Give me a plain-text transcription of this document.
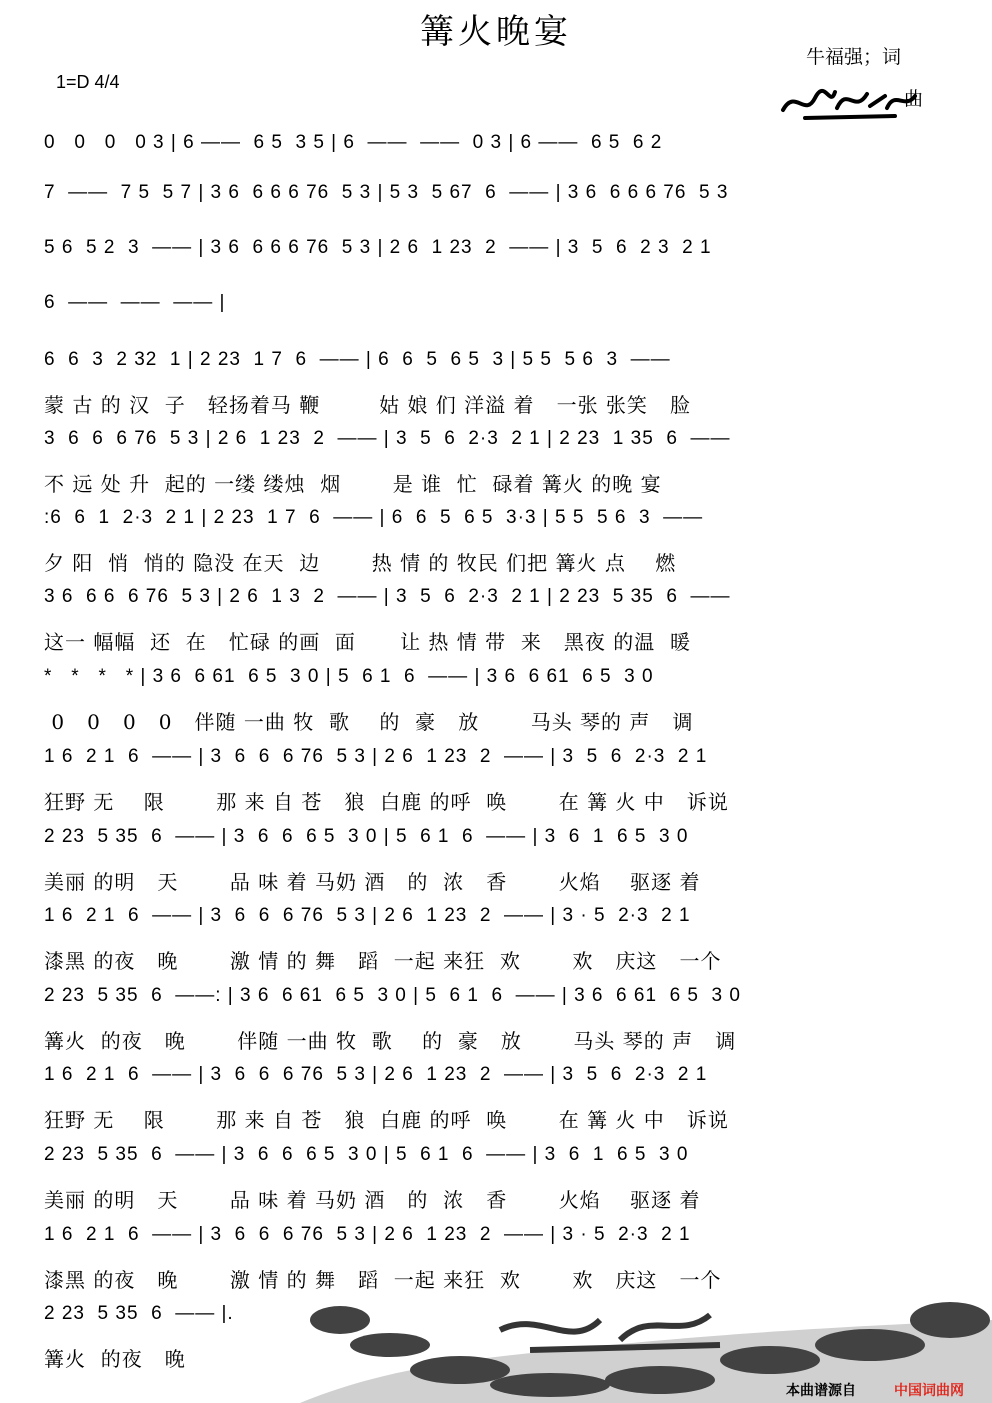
篝火晚宴
牛福强；词
1=D 4/4
曲
0   0   0   0 3 | 6 ——  6 5  3 5 | 6  ——  ——  0 3 | 6 ——  6 5  6 2
7  ——  7 5  5 7 | 3 6  6 6 6 76  5 3 | 5 3  5 67  6  —— | 3 6  6 6 6 76  5 3
5 6  5 2  3  —— | 3 6  6 6 6 76  5 3 | 2 6  1 23  2  —— | 3  5  6  2 3  2 1
6  ——  ——  —— |
6  6  3  2 32  1 | 2 23  1 7  6  —— | 6  6  5  6 5  3 | 5 5  5 6  3  ——
蒙 古 的 汉  子   轻扬着马 鞭        姑 娘 们 洋溢 着   一张 张笑   脸
3  6  6  6 76  5 3 | 2 6  1 23  2  —— | 3  5  6  2·3  2 1 | 2 23  1 35  6  ——
不 远 处 升  起的 一缕 缕烛  烟       是 谁  忙  碌着 篝火 的晚 宴
:6  6  1  2·3  2 1 | 2 23  1 7  6  —— | 6  6  5  6 5  3·3 | 5 5  5 6  3  ——
夕 阳  悄  悄的 隐没 在天  边       热 情 的 牧民 们把 篝火 点    燃
3 6  6 6  6 76  5 3 | 2 6  1 3  2  —— | 3  5  6  2·3  2 1 | 2 23  5 35  6  ——
这一 幅幅  还  在   忙碌 的画  面      让 热 情 带  来   黑夜 的温  暖
*   *   *   * | 3 6  6 61  6 5  3 0 | 5  6 1  6  —— | 3 6  6 61  6 5  3 0
0   0   0   0   伴随 一曲 牧  歌    的  豪   放       马头 琴的 声   调
1 6  2 1  6  —— | 3  6  6  6 76  5 3 | 2 6  1 23  2  —— | 3  5  6  2·3  2 1
狂野 无    限       那 来 自 苍   狼  白鹿 的呼  唤       在 篝 火 中   诉说
2 23  5 35  6  —— | 3  6  6  6 5  3 0 | 5  6 1  6  —— | 3  6  1  6 5  3 0
美丽 的明   天       品 味 着 马奶 酒   的  浓   香       火焰    驱逐 着
1 6  2 1  6  —— | 3  6  6  6 76  5 3 | 2 6  1 23  2  —— | 3 · 5  2·3  2 1
漆黑 的夜   晚       激 情 的 舞   蹈  一起 来狂  欢       欢   庆这   一个
2 23  5 35  6  ——: | 3 6  6 61  6 5  3 0 | 5  6 1  6  —— | 3 6  6 61  6 5  3 0
篝火  的夜   晚       伴随 一曲 牧  歌    的  豪   放       马头 琴的 声   调
1 6  2 1  6  —— | 3  6  6  6 76  5 3 | 2 6  1 23  2  —— | 3  5  6  2·3  2 1
狂野 无    限       那 来 自 苍   狼  白鹿 的呼  唤       在 篝 火 中   诉说
2 23  5 35  6  —— | 3  6  6  6 5  3 0 | 5  6 1  6  —— | 3  6  1  6 5  3 0
美丽 的明   天       品 味 着 马奶 酒   的  浓   香       火焰    驱逐 着
1 6  2 1  6  —— | 3  6  6  6 76  5 3 | 2 6  1 23  2  —— | 3 · 5  2·3  2 1
漆黑 的夜   晚       激 情 的 舞   蹈  一起 来狂  欢       欢   庆这   一个
2 23  5 35  6  —— |.
篝火  的夜   晚
本曲谱源自	中国词曲网
